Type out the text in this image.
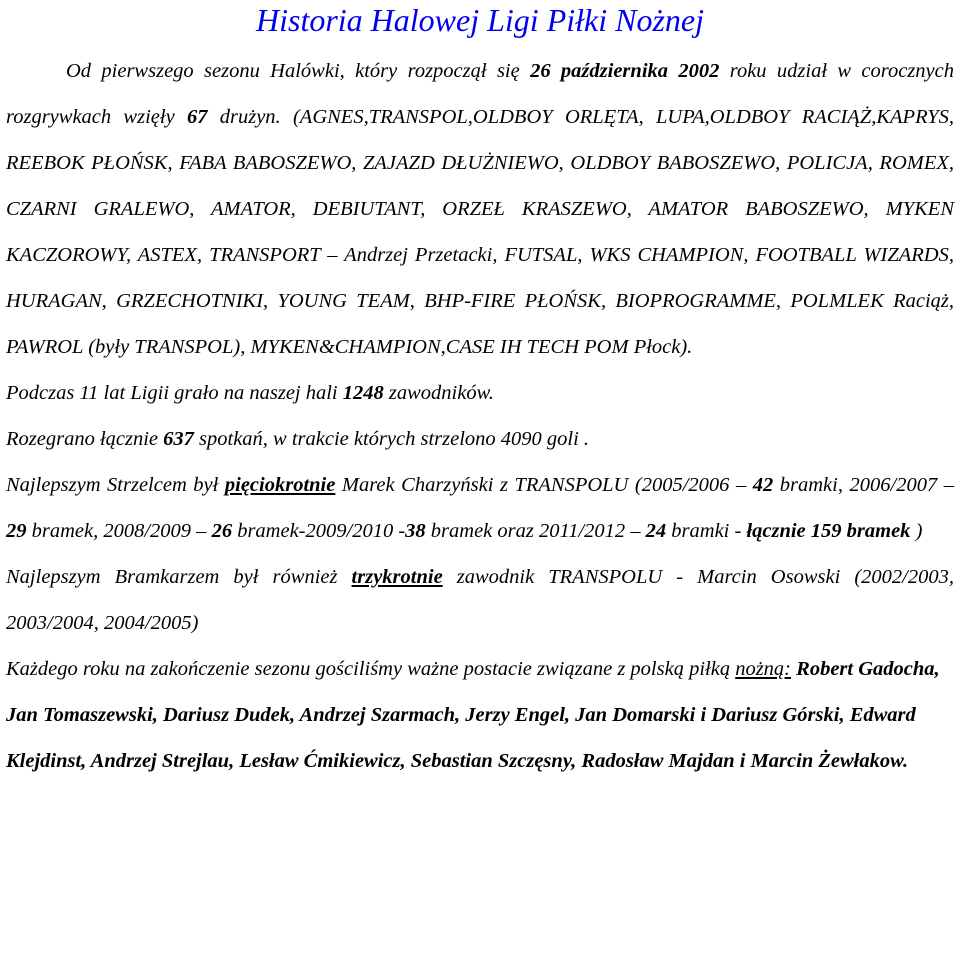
Historia Halowej Ligi Piłki Nożnej

Od pierwszego sezonu Halówki, który rozpoczął się 26 października 2002 roku udział w corocznych rozgrywkach wzięły 67 drużyn. (AGNES,TRANSPOL,OLDBOY ORLĘTA, LUPA,OLDBOY RACIĄŻ,KAPRYS, REEBOK PŁOŃSK, FABA BABOSZEWO, ZAJAZD DŁUŻNIEWO, OLDBOY BABOSZEWO, POLICJA, ROMEX, CZARNI GRALEWO, AMATOR, DEBIUTANT, ORZEŁ KRASZEWO, AMATOR BABOSZEWO, MYKEN KACZOROWY, ASTEX, TRANSPORT – Andrzej Przetacki, FUTSAL, WKS CHAMPION, FOOTBALL WIZARDS, HURAGAN, GRZECHOTNIKI, YOUNG TEAM, BHP-FIRE PŁOŃSK, BIOPROGRAMME, POLMLEK Raciąż, PAWROL (były TRANSPOL), MYKEN&CHAMPION,CASE IH TECH POM Płock).

Podczas 11 lat Ligii grało na naszej hali 1248 zawodników.

Rozegrano łącznie 637 spotkań, w trakcie których strzelono 4090 goli .

Najlepszym Strzelcem był pięciokrotnie Marek Charzyński z TRANSPOLU (2005/2006 – 42 bramki, 2006/2007 – 29 bramek, 2008/2009 – 26 bramek-2009/2010 -38 bramek oraz 2011/2012 – 24 bramki - łącznie 159 bramek )

Najlepszym Bramkarzem był również trzykrotnie zawodnik TRANSPOLU - Marcin Osowski (2002/2003, 2003/2004, 2004/2005)

Każdego roku na zakończenie sezonu gościliśmy ważne postacie związane z polską piłką nożną: Robert Gadocha, Jan Tomaszewski, Dariusz Dudek, Andrzej Szarmach, Jerzy Engel, Jan Domarski i Dariusz Górski, Edward Klejdinst, Andrzej Strejlau, Lesław Ćmikiewicz, Sebastian Szczęsny, Radosław Majdan i Marcin Żewłakow.
